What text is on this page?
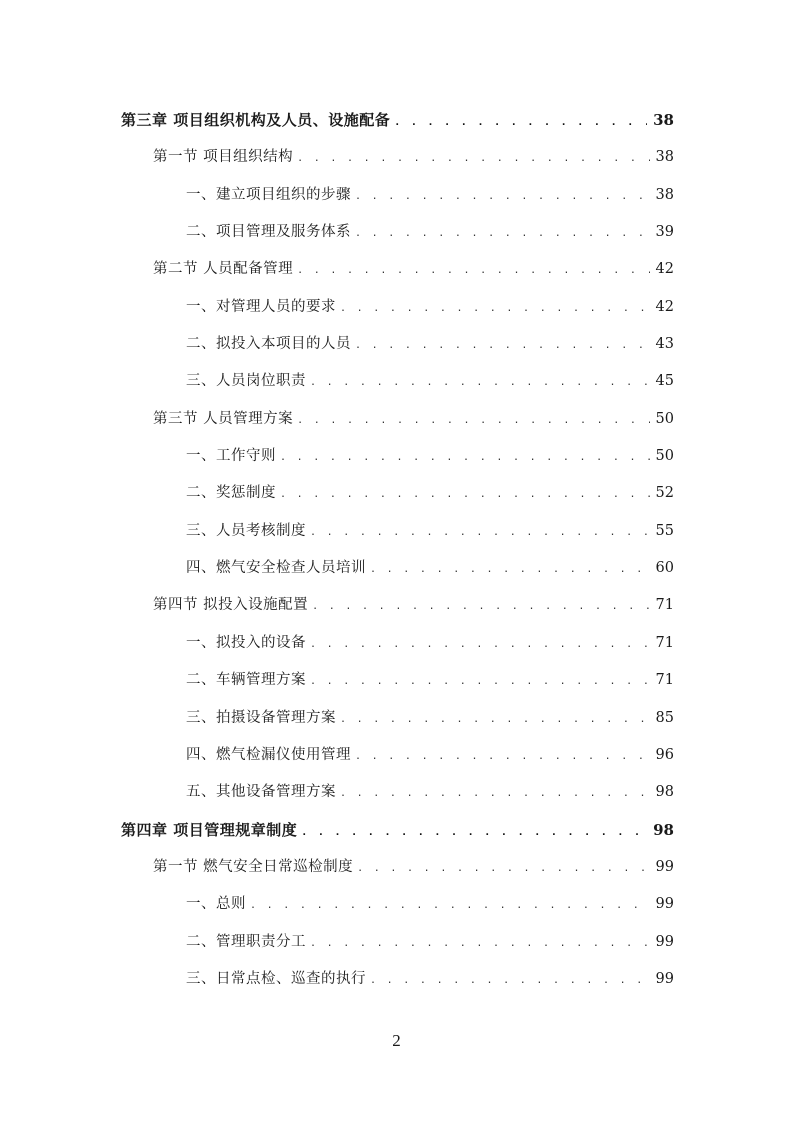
第三章 项目组织机构及人员、设施配备 . . .	38
第一节 项目组织结构 . . .	38
一、建立项目组织的步骤 . . .	38
二、项目管理及服务体系 . . .	39
第二节 人员配备管理 . . .	42
一、对管理人员的要求 . . .	42
二、拟投入本项目的人员 . . .	43
三、人员岗位职责 . . .	45
第三节 人员管理方案 . . .	50
一、工作守则 . . .	50
二、奖惩制度 . . .	52
三、人员考核制度 . . .	55
四、燃气安全检查人员培训 . . .	60
第四节 拟投入设施配置 . . .	71
一、拟投入的设备 . . .	71
二、车辆管理方案 . . .	71
三、拍摄设备管理方案 . . .	85
四、燃气检漏仪使用管理 . . .	96
五、其他设备管理方案 . . .	98
第四章 项目管理规章制度 . . .	98
第一节 燃气安全日常巡检制度 . . .	99
一、总则 . . .	99
二、管理职责分工 . . .	99
三、日常点检、巡查的执行 . . .	99
2
